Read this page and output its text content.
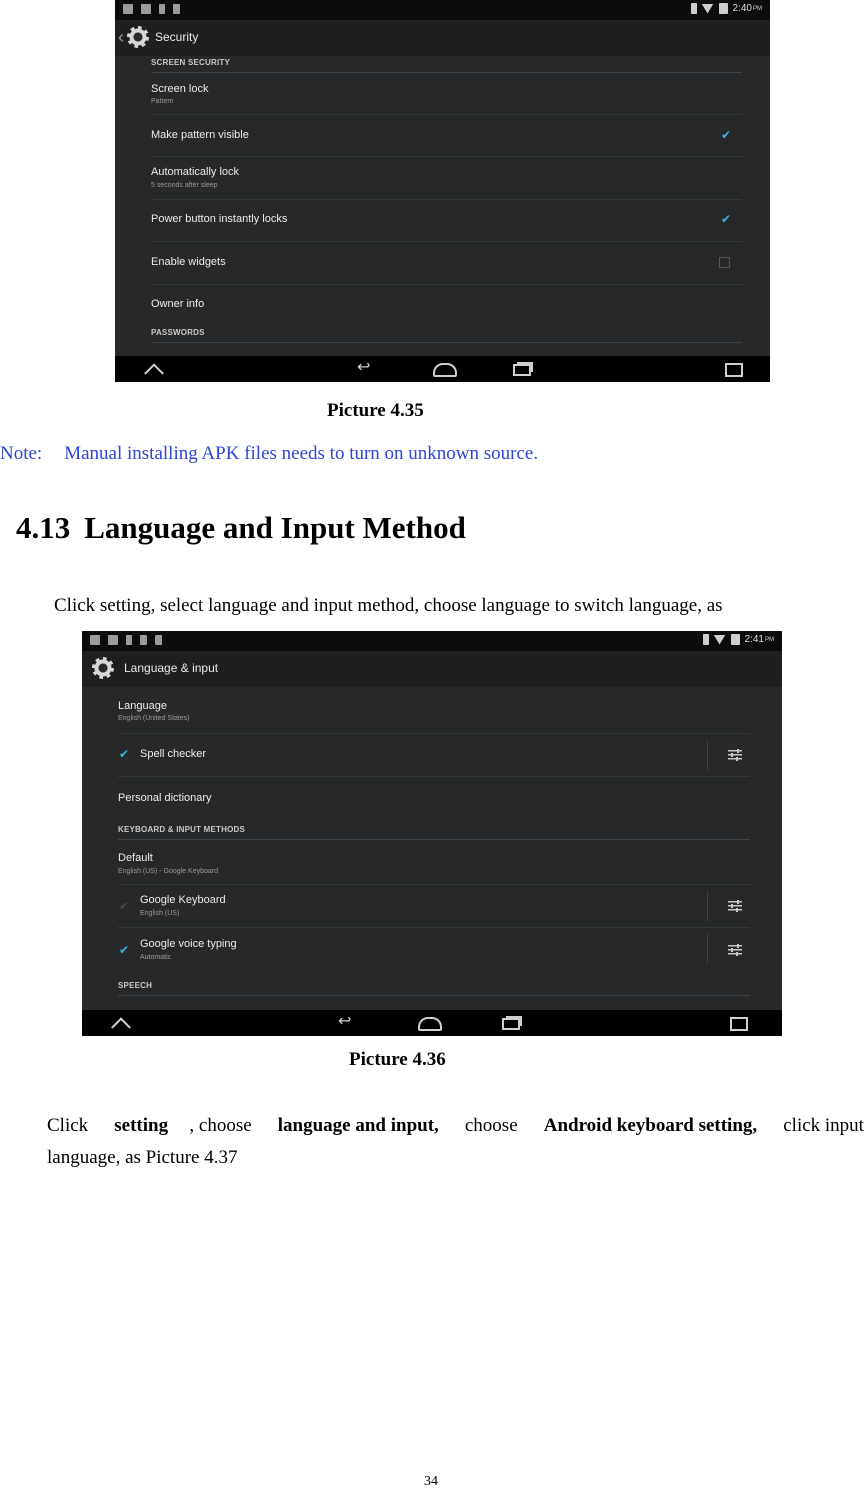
2:40 PM
‹	Security
SCREEN SECURITY
Screen lock
Pattern
Make pattern visible	✔
Automatically lock
5 seconds after sleep
Power button instantly locks	✔
Enable widgets
Owner info
PASSWORDS
↩
Picture 4.35
Note: Manual installing APK files needs to turn on unknown source.
4.13 Language and Input Method
Click setting, select language and input method, choose language to switch language, as
2:41 PM
Language & input
Language
English (United States)
✔ Spell checker
Personal dictionary
KEYBOARD & INPUT METHODS
Default
English (US) - Google Keyboard
✔ Google Keyboard
English (US)
✔ Google voice typing
Automatic
SPEECH
↩
Picture 4.36
Click setting , choose language and input, choose Android keyboard setting, click input
language, as Picture 4.37
34
